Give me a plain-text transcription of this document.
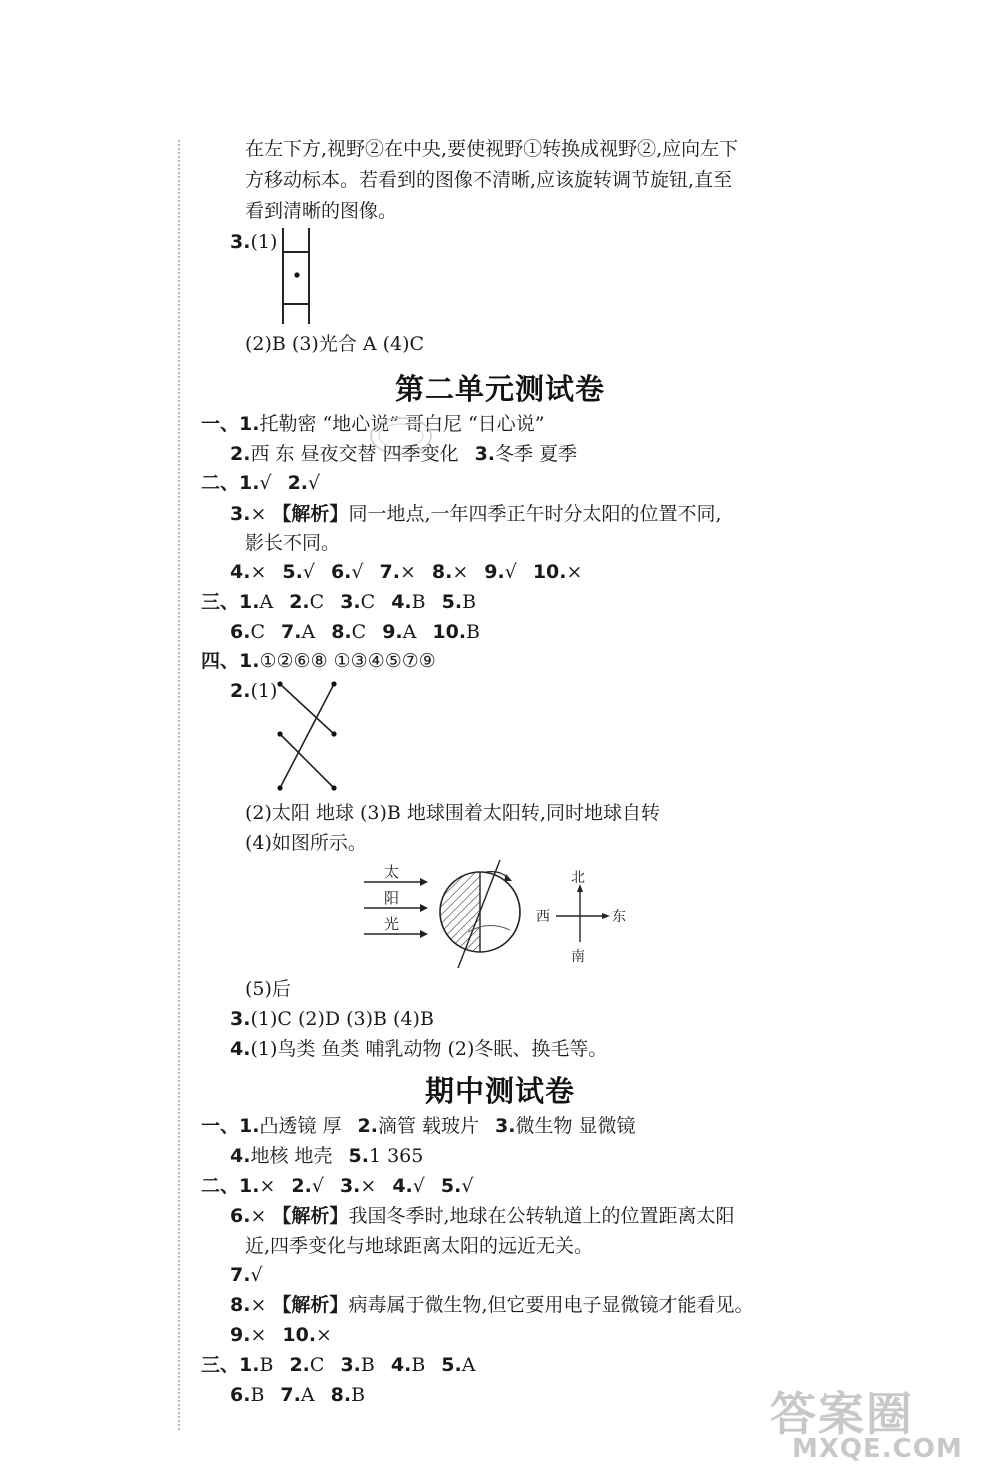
在左下方,视野②在中央,要使视野①转换成视野②,应向左下
方移动标本。若看到的图像不清晰,应该旋转调节旋钮,直至
看到清晰的图像。
3.(1)
(2)B (3)光合 A (4)C
第二单元测试卷
一、1.托勒密 “地心说” 哥白尼 “日心说”
2.西 东 昼夜交替 四季变化 3.冬季 夏季
二、1.√ 2.√
3.× 【解析】同一地点,一年四季正午时分太阳的位置不同,
影长不同。
4.× 5.√ 6.√ 7.× 8.× 9.√ 10.×
三、1.A 2.C 3.C 4.B 5.B
6.C 7.A 8.C 9.A 10.B
四、1.①②⑥⑧ ①③④⑤⑦⑨
2.(1)
(2)太阳 地球 (3)B 地球围着太阳转,同时地球自转
(4)如图所示。
太
阳
光
北
南
西	东
(5)后
3.(1)C (2)D (3)B (4)B
4.(1)鸟类 鱼类 哺乳动物 (2)冬眠、换毛等。
期中测试卷
一、1.凸透镜 厚 2.滴管 载玻片 3.微生物 显微镜
4.地核 地壳 5.1 365
二、1.× 2.√ 3.× 4.√ 5.√
6.× 【解析】我国冬季时,地球在公转轨道上的位置距离太阳
近,四季变化与地球距离太阳的远近无关。
7.√
8.× 【解析】病毒属于微生物,但它要用电子显微镜才能看见。
9.× 10.×
三、1.B 2.C 3.B 4.B 5.A
6.B 7.A 8.B	答案圈
MXQE.COM
